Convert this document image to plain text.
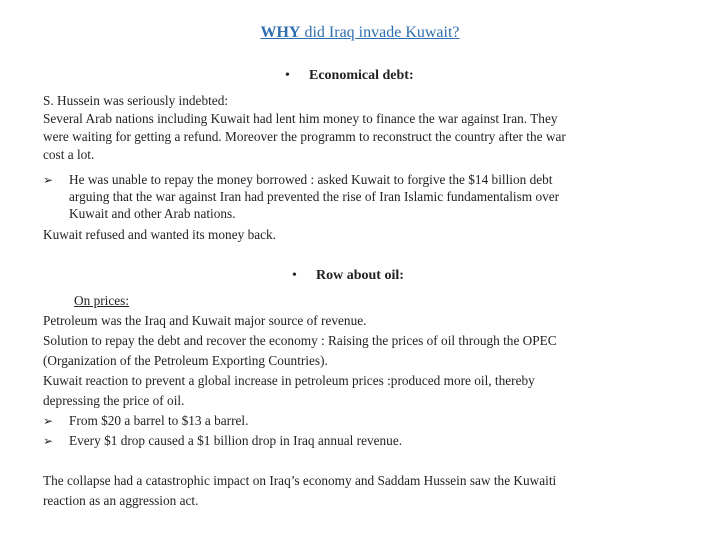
WHY did Iraq invade Kuwait?
• Economical debt:
S. Hussein was seriously indebted:
Several Arab nations including Kuwait had lent him money to finance the war against Iran. They
were waiting for getting a refund. Moreover the programm to reconstruct the country after the war
cost a lot.
➢ He was unable to repay the money borrowed : asked Kuwait to forgive the $14 billion debt
arguing that the war against Iran had prevented the rise of Iran Islamic fundamentalism over
Kuwait and other Arab nations.
Kuwait refused and wanted its money back.
• Row about oil:
On prices:
Petroleum was the Iraq and Kuwait major source of revenue.
Solution to repay the debt and recover the economy : Raising the prices of oil through the OPEC
(Organization of the Petroleum Exporting Countries).
Kuwait reaction to prevent a global increase in petroleum prices :produced more oil, thereby
depressing the price of oil.
➢ From $20 a barrel to $13 a barrel.
➢ Every $1 drop caused a $1 billion drop in Iraq annual revenue.
The collapse had a catastrophic impact on Iraq’s economy and Saddam Hussein saw the Kuwaiti
reaction as an aggression act.
